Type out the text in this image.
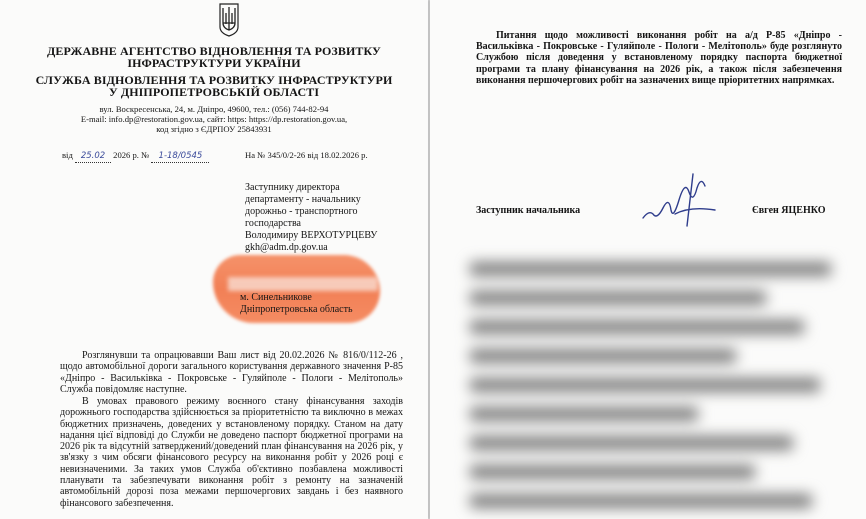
ДЕРЖАВНЕ АГЕНТСТВО ВІДНОВЛЕННЯ ТА РОЗВИТКУ
ІНФРАСТРУКТУРИ УКРАЇНИ
СЛУЖБА ВІДНОВЛЕННЯ ТА РОЗВИТКУ ІНФРАСТРУКТУРИ
У ДНІПРОПЕТРОВСЬКІЙ ОБЛАСТІ
вул. Воскресенська, 24, м. Дніпро, 49600, тел.: (056) 744-82-94
E-mail: info.dp@restoration.gov.ua, сайт: https: https://dp.restoration.gov.ua,
код згідно з ЄДРПОУ 25843931
від 25.02 2026 р. № 1-18/0545	На № 345/0/2-26 від 18.02.2026 р.
Заступнику директора
департаменту - начальнику
дорожньо - транспортного
господарства
Володимиру ВЕРХОТУРЦЕВУ
gkh@adm.dp.gov.ua
м. Синельникове
Дніпропетровська область
Розглянувши та опрацювавши Ваш лист від 20.02.2026 № 816/0/112-26 , щодо автомобільної дороги загального користування державного значення Р-85 «Дніпро - Васильківка - Покровське - Гуляйполе - Пологи - Мелітополь» Служба повідомляє наступне.
В умовах правового режиму воєнного стану фінансування заходів дорожнього господарства здійснюється за пріоритетністю та виключно в межах бюджетних призначень, доведених у встановленому порядку. Станом на дату надання цієї відповіді до Служби не доведено паспорт бюджетної програми на 2026 рік та відсутній затверджений/доведений план фінансування на 2026 рік, у зв'язку з чим обсяги фінансового ресурсу на виконання робіт у 2026 році є невизначеними. За таких умов Служба об'єктивно позбавлена можливості планувати та забезпечувати виконання робіт з ремонту на зазначеній автомобільній дорозі поза межами першочергових завдань і без наявного фінансового забезпечення.
Питання щодо можливості виконання робіт на а/д Р-85 «Дніпро - Васильківка - Покровське - Гуляйполе - Пологи - Мелітополь» буде розглянуто Службою після доведення у встановленому порядку паспорта бюджетної програми та плану фінансування на 2026 рік, а також після забезпечення виконання першочергових робіт на зазначених вище пріоритетних напрямках.
Заступник начальника	Євген ЯЦЕНКО
